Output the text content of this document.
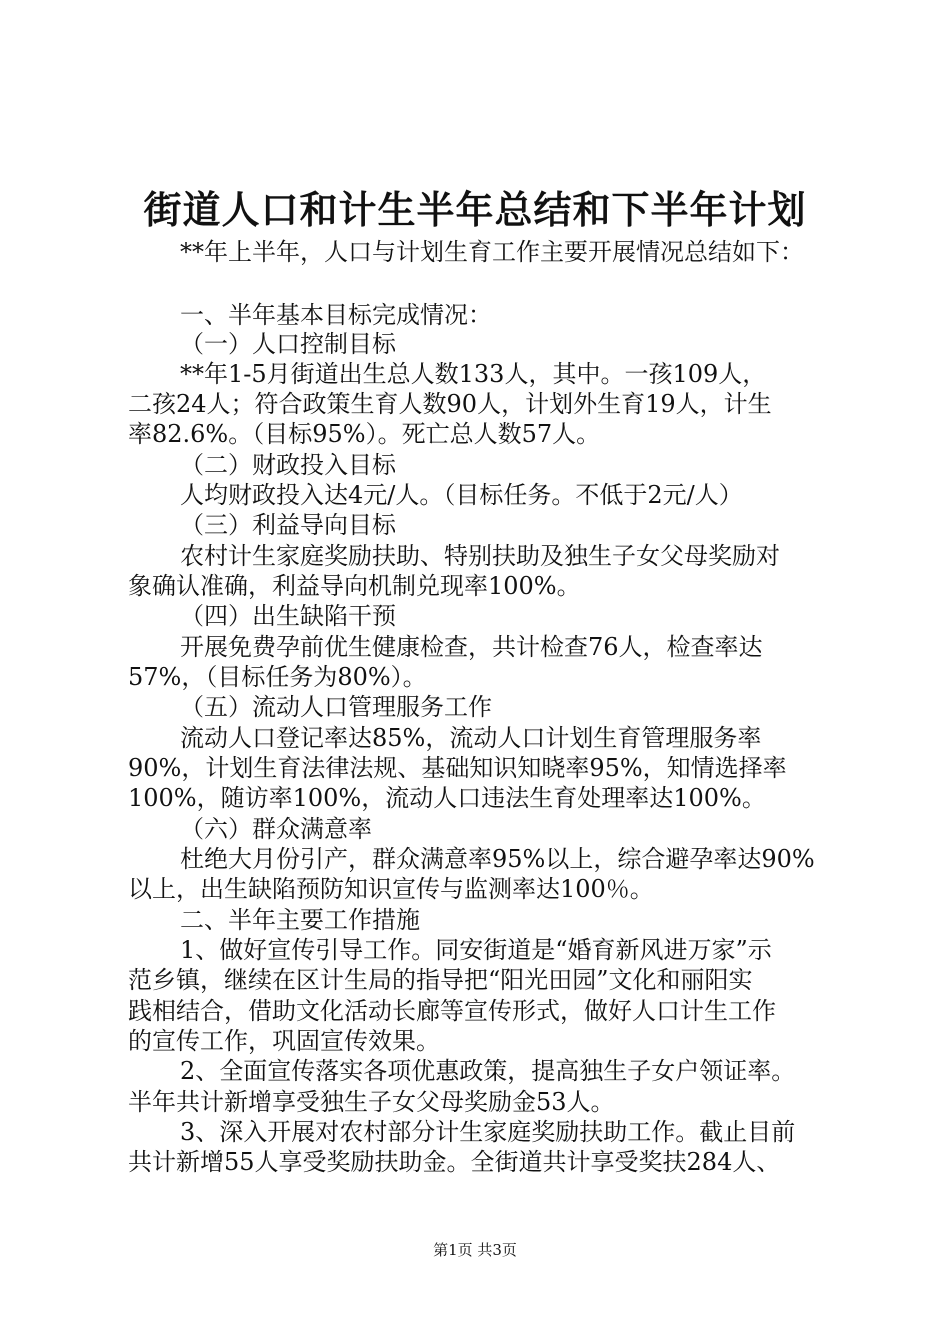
街道人口和计生半年总结和下半年计划
**年上半年，人口与计划生育工作主要开展情况总结如下：
一、半年基本目标完成情况：
（一）人口控制目标
**年1-5月街道出生总人数133人，其中。一孩109人，
二孩24人；符合政策生育人数90人，计划外生育19人，计生
率82.6%。（目标95%）。死亡总人数57人。
（二）财政投入目标
人均财政投入达4元/人。（目标任务。不低于2元/人）
（三）利益导向目标
农村计生家庭奖励扶助、特别扶助及独生子女父母奖励对
象确认准确，利益导向机制兑现率100%。
（四）出生缺陷干预
开展免费孕前优生健康检查，共计检查76人，检查率达
57%，（目标任务为80%）。
（五）流动人口管理服务工作
流动人口登记率达85%，流动人口计划生育管理服务率
90%，计划生育法律法规、基础知识知晓率95%，知情选择率
100%，随访率100%，流动人口违法生育处理率达100%。
（六）群众满意率
杜绝大月份引产，群众满意率95%以上，综合避孕率达90%
以上，出生缺陷预防知识宣传与监测率达100％。
二、半年主要工作措施
1、做好宣传引导工作。同安街道是“婚育新风进万家”示
范乡镇，继续在区计生局的指导把“阳光田园”文化和丽阳实
践相结合，借助文化活动长廊等宣传形式，做好人口计生工作
的宣传工作，巩固宣传效果。
2、全面宣传落实各项优惠政策，提高独生子女户领证率。
半年共计新增享受独生子女父母奖励金53人。
3、深入开展对农村部分计生家庭奖励扶助工作。截止目前
共计新增55人享受奖励扶助金。全街道共计享受奖扶284人、
第1页 共3页
